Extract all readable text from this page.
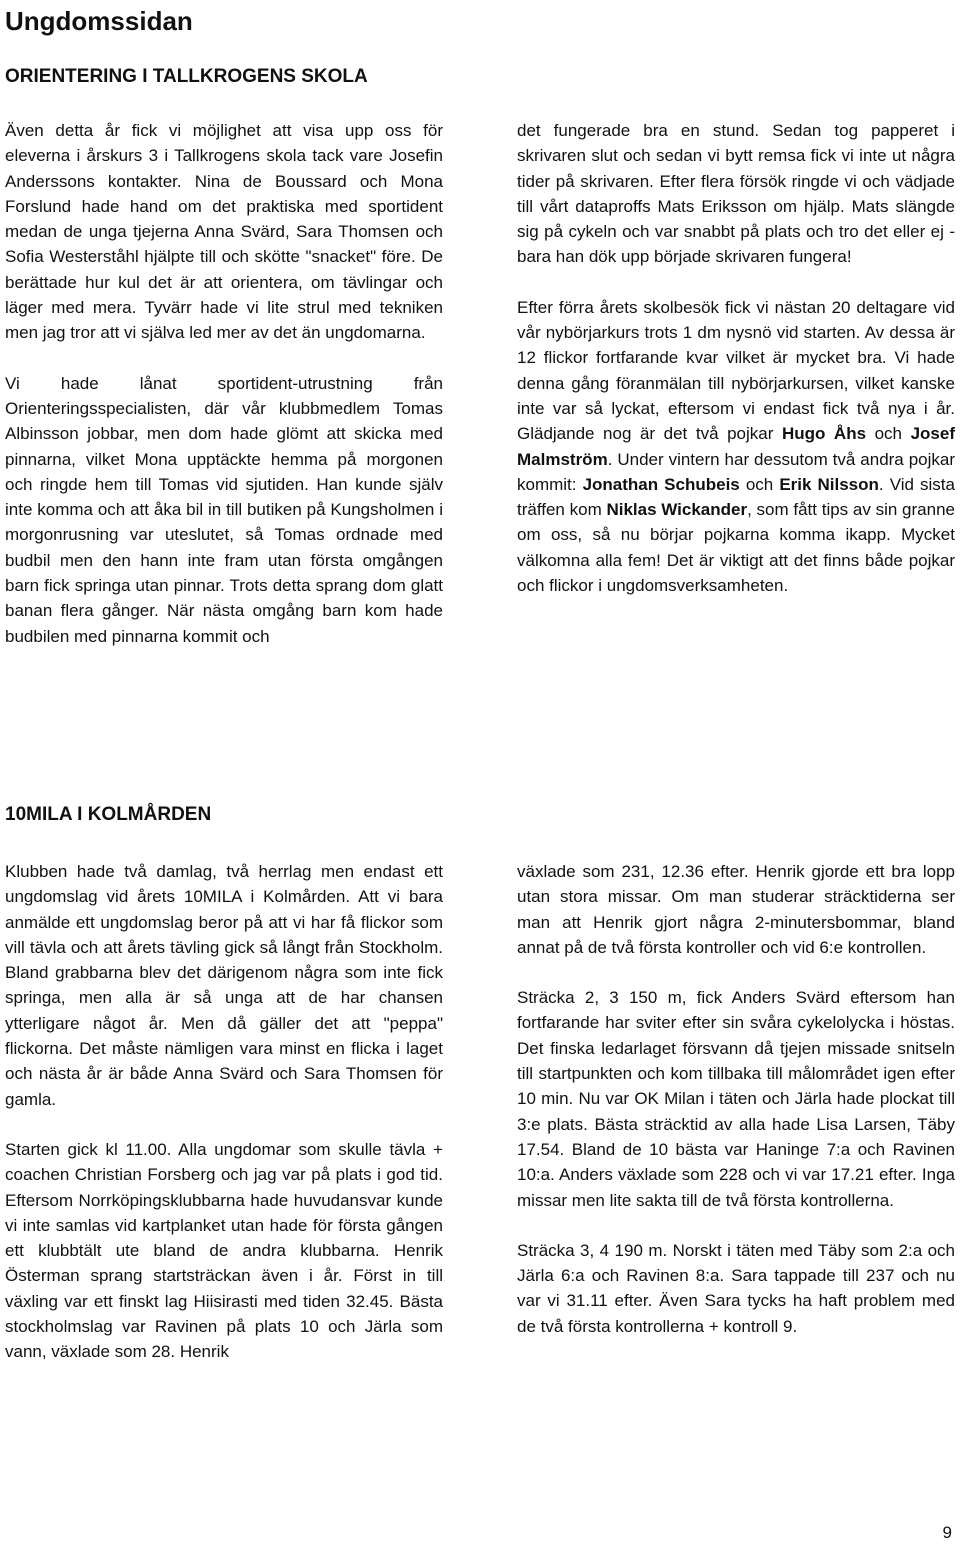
Ungdomssidan
ORIENTERING I TALLKROGENS SKOLA

Även detta år fick vi möjlighet att visa upp oss för eleverna i årskurs 3 i Tallkrogens skola tack vare Josefin Anderssons kontakter. Nina de Boussard och Mona Forslund hade hand om det praktiska med sportident medan de unga tjejerna Anna Svärd, Sara Thomsen och Sofia Westerståhl hjälpte till och skötte "snacket" före. De berättade hur kul det är att orientera, om tävlingar och läger med mera. Tyvärr hade vi lite strul med tekniken men jag tror att vi själva led mer av det än ungdomarna.

Vi hade lånat sportident-utrustning från Orienteringsspecialisten, där vår klubbmedlem Tomas Albinsson jobbar, men dom hade glömt att skicka med pinnarna, vilket Mona upptäckte hemma på morgonen och ringde hem till Tomas vid sjutiden. Han kunde själv inte komma och att åka bil in till butiken på Kungsholmen i morgonrusning var uteslutet, så Tomas ordnade med budbil men den hann inte fram utan första omgången barn fick springa utan pinnar. Trots detta sprang dom glatt banan flera gånger. När nästa omgång barn kom hade budbilen med pinnarna kommit och

det fungerade bra en stund. Sedan tog papperet i skrivaren slut och sedan vi bytt remsa fick vi inte ut några tider på skrivaren. Efter flera försök ringde vi och vädjade till vårt dataproffs Mats Eriksson om hjälp. Mats slängde sig på cykeln och var snabbt på plats och tro det eller ej - bara han dök upp började skrivaren fungera!

Efter förra årets skolbesök fick vi nästan 20 deltagare vid vår nybörjarkurs trots 1 dm nysnö vid starten. Av dessa är 12 flickor fortfarande kvar vilket är mycket bra. Vi hade denna gång föranmälan till nybörjarkursen, vilket kanske inte var så lyckat, eftersom vi endast fick två nya i år. Glädjande nog är det två pojkar Hugo Åhs och Josef Malmström. Under vintern har dessutom två andra pojkar kommit: Jonathan Schubeis och Erik Nilsson. Vid sista träffen kom Niklas Wickander, som fått tips av sin granne om oss, så nu börjar pojkarna komma ikapp. Mycket välkomna alla fem! Det är viktigt att det finns både pojkar och flickor i ungdomsverksamheten.

10MILA I KOLMÅRDEN

Klubben hade två damlag, två herrlag men endast ett ungdomslag vid årets 10MILA i Kolmården. Att vi bara anmälde ett ungdomslag beror på att vi har få flickor som vill tävla och att årets tävling gick så långt från Stockholm. Bland grabbarna blev det därigenom några som inte fick springa, men alla är så unga att de har chansen ytterligare något år. Men då gäller det att "peppa" flickorna. Det måste nämligen vara minst en flicka i laget och nästa år är både Anna Svärd och Sara Thomsen för gamla.

Starten gick kl 11.00. Alla ungdomar som skulle tävla + coachen Christian Forsberg och jag var på plats i god tid. Eftersom Norrköpingsklubbarna hade huvudansvar kunde vi inte samlas vid kartplanket utan hade för första gången ett klubbtält ute bland de andra klubbarna. Henrik Österman sprang startsträckan även i år. Först in till växling var ett finskt lag Hiisirasti med tiden 32.45. Bästa stockholmslag var Ravinen på plats 10 och Järla som vann, växlade som 28. Henrik

växlade som 231, 12.36 efter. Henrik gjorde ett bra lopp utan stora missar. Om man studerar sträcktiderna ser man att Henrik gjort några 2-minutersbommar, bland annat på de två första kontroller och vid 6:e kontrollen.

Sträcka 2, 3 150 m, fick Anders Svärd eftersom han fortfarande har sviter efter sin svåra cykelolycka i höstas. Det finska ledarlaget försvann då tjejen missade snitseln till startpunkten och kom tillbaka till målområdet igen efter 10 min. Nu var OK Milan i täten och Järla hade plockat till 3:e plats. Bästa sträcktid av alla hade Lisa Larsen, Täby 17.54. Bland de 10 bästa var Haninge 7:a och Ravinen 10:a. Anders växlade som 228 och vi var 17.21 efter. Inga missar men lite sakta till de två första kontrollerna.

Sträcka 3, 4 190 m. Norskt i täten med Täby som 2:a och Järla 6:a och Ravinen 8:a. Sara tappade till 237 och nu var vi 31.11 efter. Även Sara tycks ha haft problem med de två första kontrollerna + kontroll 9.

9
